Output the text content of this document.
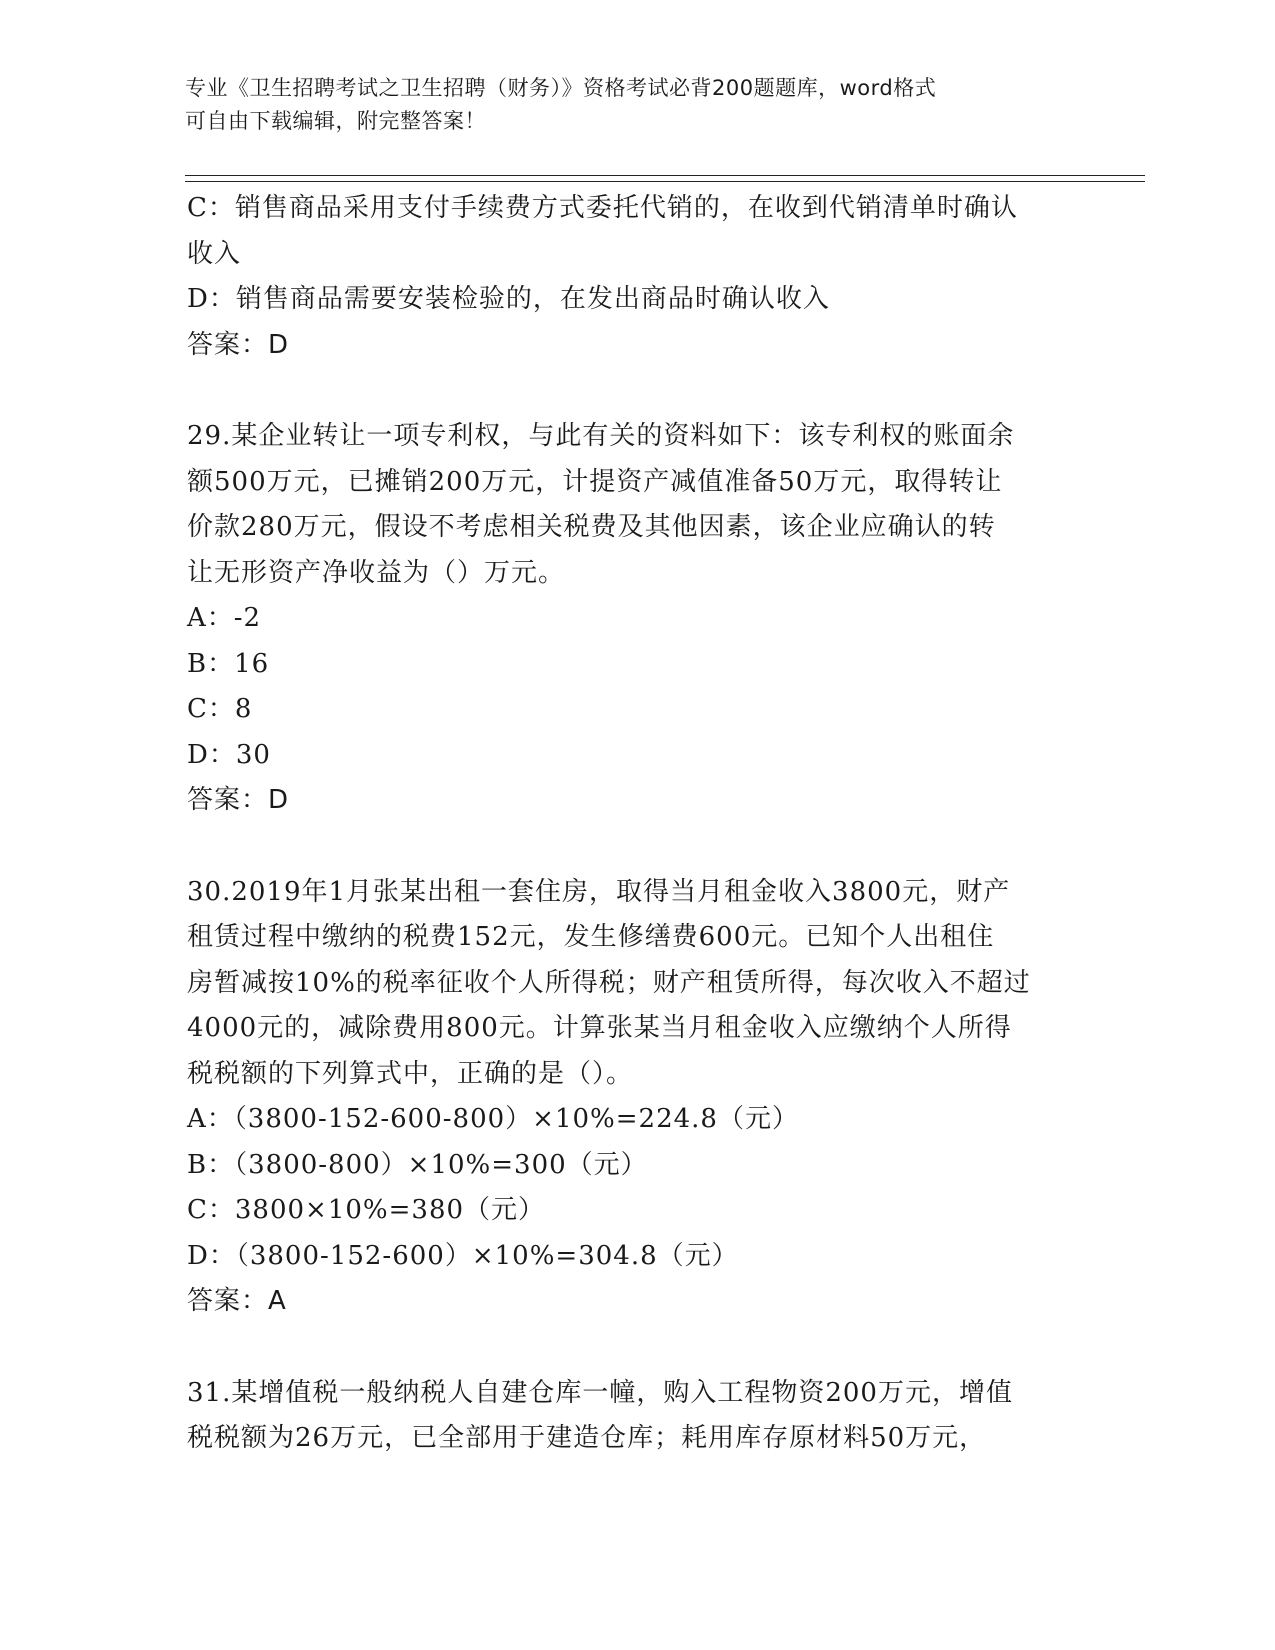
专业《卫生招聘考试之卫生招聘（财务）》资格考试必背200题题库，word格式
可自由下载编辑，附完整答案！
C：销售商品采用支付手续费方式委托代销的，在收到代销清单时确认
收入
D：销售商品需要安装检验的，在发出商品时确认收入
答案：D
29.某企业转让一项专利权，与此有关的资料如下：该专利权的账面余
额500万元，已摊销200万元，计提资产减值准备50万元，取得转让
价款280万元，假设不考虑相关税费及其他因素，该企业应确认的转
让无形资产净收益为（）万元。
A：-2
B：16
C：8
D：30
答案：D
30.2019年1月张某出租一套住房，取得当月租金收入3800元，财产
租赁过程中缴纳的税费152元，发生修缮费600元。已知个人出租住
房暂减按10%的税率征收个人所得税；财产租赁所得，每次收入不超过
4000元的，减除费用800元。计算张某当月租金收入应缴纳个人所得
税税额的下列算式中，正确的是（）。
A：（3800-152-600-800）×10%=224.8（元）
B：（3800-800）×10%=300（元）
C：3800×10%=380（元）
D：（3800-152-600）×10%=304.8（元）
答案：A
31.某增值税一般纳税人自建仓库一幢，购入工程物资200万元，增值
税税额为26万元，已全部用于建造仓库；耗用库存原材料50万元，
